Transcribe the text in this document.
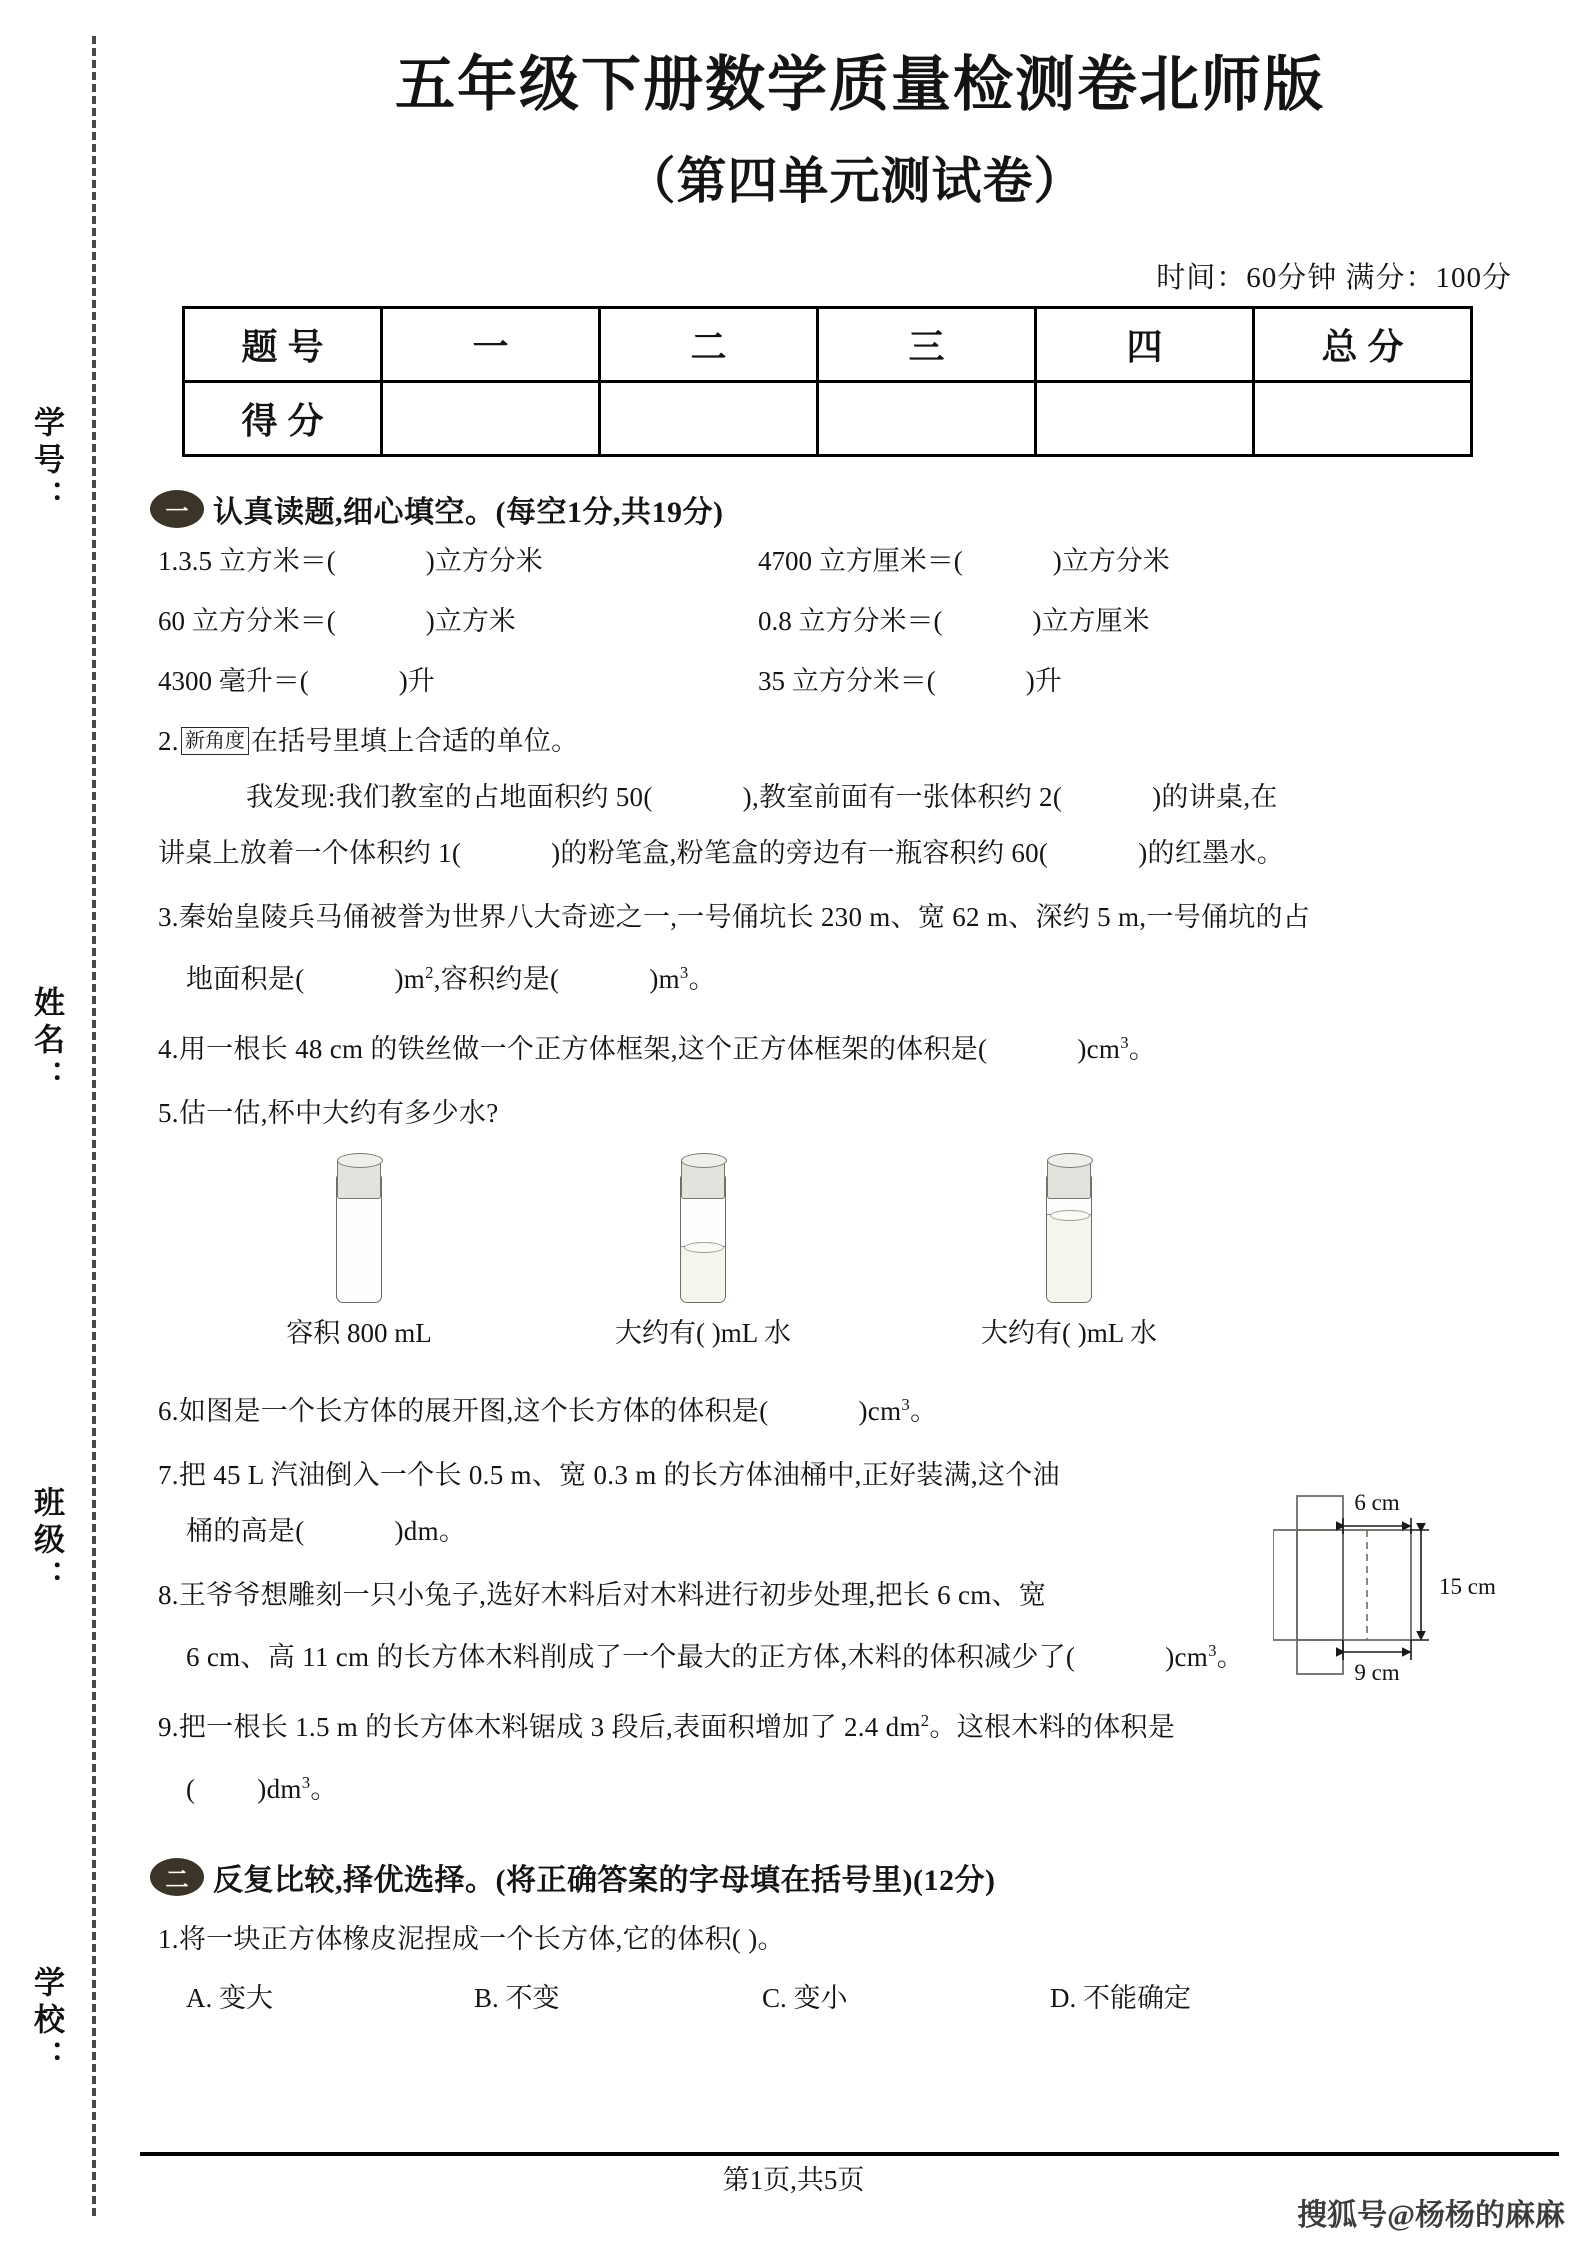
学号：
姓名：
班级：
学校：
五年级下册数学质量检测卷北师版
（第四单元测试卷）
时间：60分钟 满分：100分
题号	一	二	三	四	总分
得分					
一 认真读题,细心填空。(每空1分,共19分)
1.3.5 立方米＝(	)立方分米	4700 立方厘米＝(	)立方分米
60 立方分米＝(	)立方米	0.8 立方分米＝(	)立方厘米
4300 毫升＝(	)升	35 立方分米＝(	)升
2. 新角度 在括号里填上合适的单位。
我发现:我们教室的占地面积约 50(	),教室前面有一张体积约 2(	)的讲桌,在
讲桌上放着一个体积约 1(	)的粉笔盒,粉笔盒的旁边有一瓶容积约 60(	)的红墨水。
3.秦始皇陵兵马俑被誉为世界八大奇迹之一,一号俑坑长 230 m、宽 62 m、深约 5 m,一号俑坑的占
地面积是(	)$m^2$,容积约是(	)$m^3$。
4.用一根长 48 cm 的铁丝做一个正方体框架,这个正方体框架的体积是(	)$cm^3$。
5.估一估,杯中大约有多少水?
容积 800 mL	大约有( )mL 水	大约有( )mL 水
6.如图是一个长方体的展开图,这个长方体的体积是(	)$cm^3$。
7.把 45 L 汽油倒入一个长 0.5 m、宽 0.3 m 的长方体油桶中,正好装满,这个油
桶的高是(	)dm。
8.王爷爷想雕刻一只小兔子,选好木料后对木料进行初步处理,把长 6 cm、宽
6 cm、高 11 cm 的长方体木料削成了一个最大的正方体,木料的体积减少了(	)$cm^3$。
9.把一根长 1.5 m 的长方体木料锯成 3 段后,表面积增加了 2.4 $dm^2$。这根木料的体积是
( )$dm^3$。
二 反复比较,择优选择。(将正确答案的字母填在括号里)(12分)
1.将一块正方体橡皮泥捏成一个长方体,它的体积( )。
A. 变大	B. 不变	C. 变小	D. 不能确定
6 cm
15 cm
9 cm
第1页,共5页
搜狐号@杨杨的麻麻
